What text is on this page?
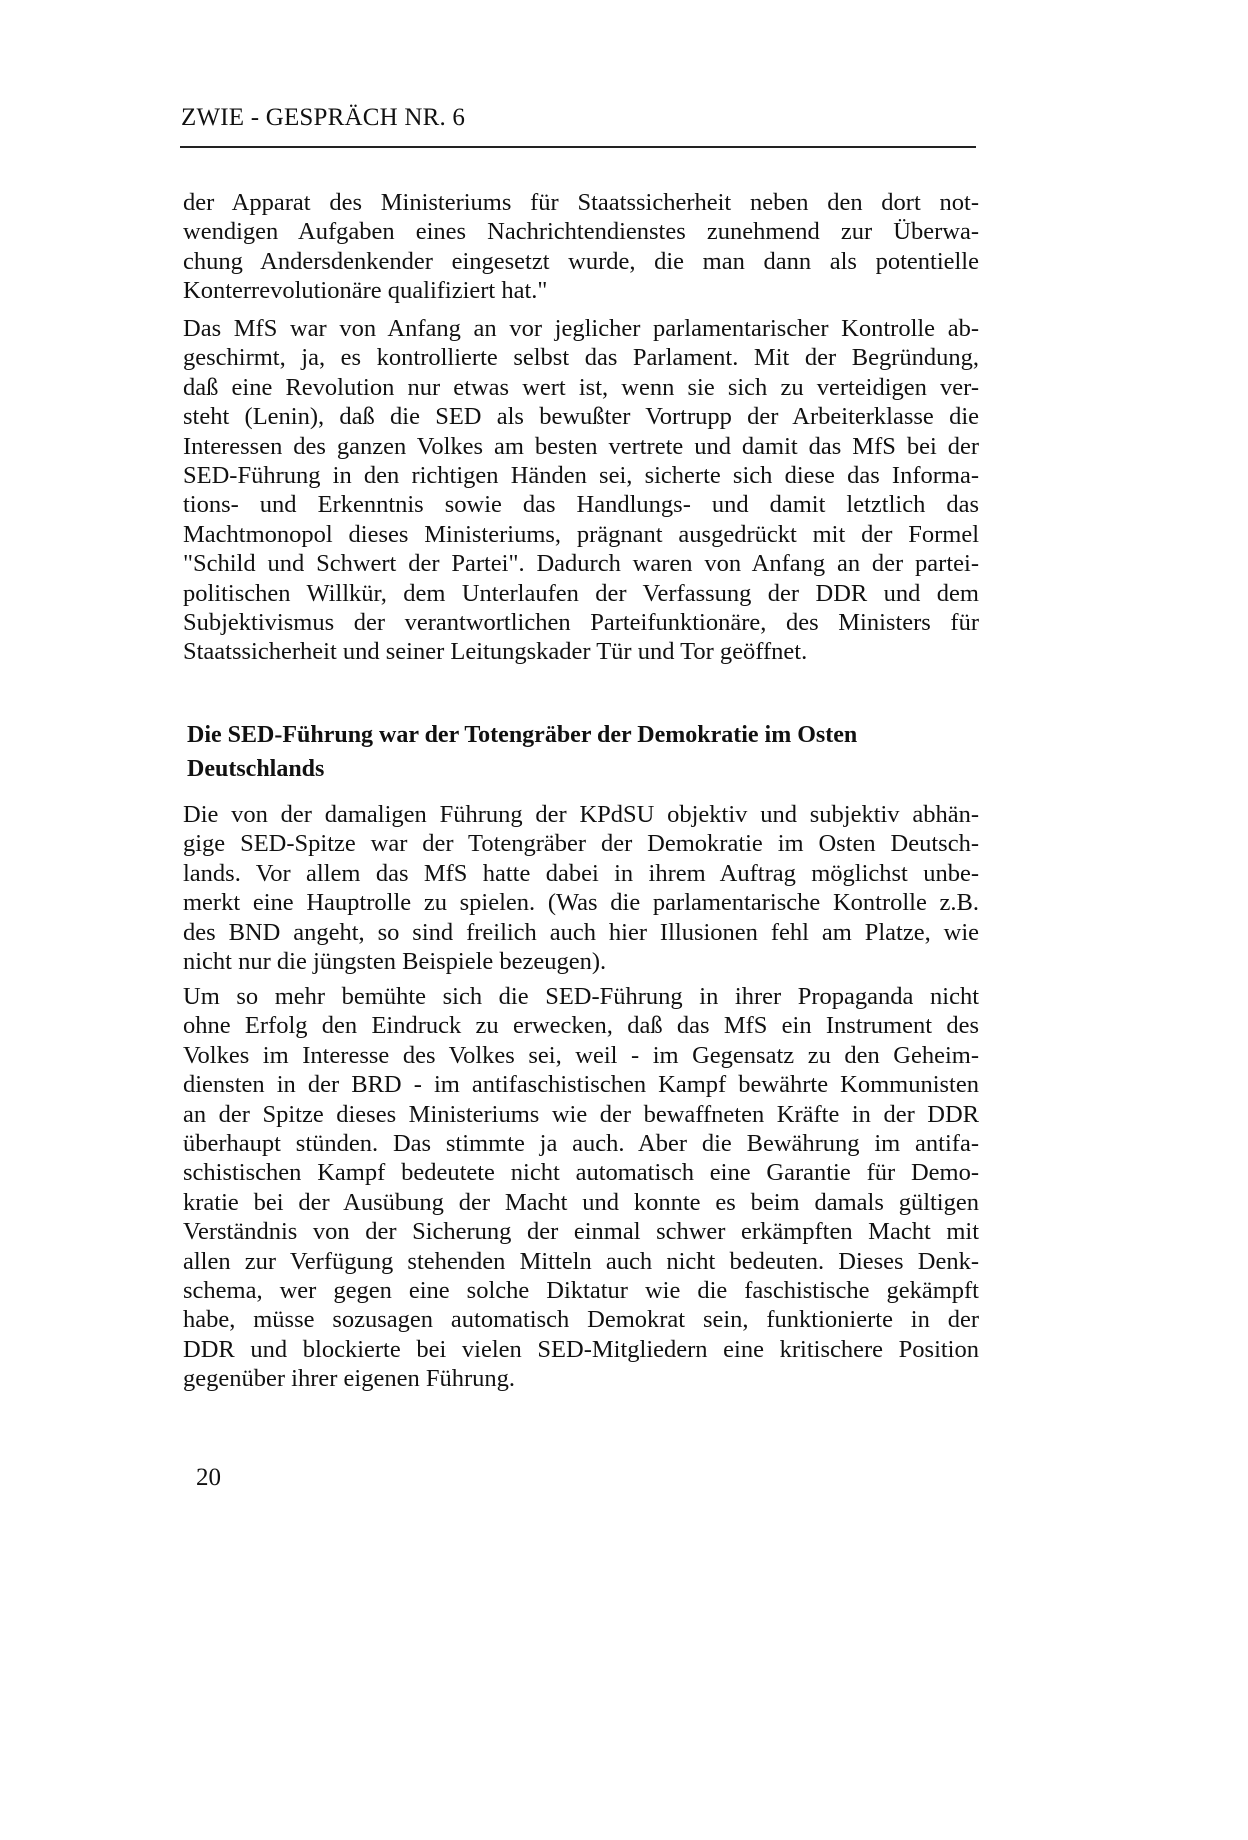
ZWIE - GESPRÄCH NR. 6
der Apparat des Ministeriums für Staatssicherheit neben den dort not-
wendigen Aufgaben eines Nachrichtendienstes zunehmend zur Überwa-
chung Andersdenkender eingesetzt wurde, die man dann als potentielle
Konterrevolutionäre qualifiziert hat."
Das MfS war von Anfang an vor jeglicher parlamentarischer Kontrolle ab-
geschirmt, ja, es kontrollierte selbst das Parlament. Mit der Begründung,
daß eine Revolution nur etwas wert ist, wenn sie sich zu verteidigen ver-
steht (Lenin), daß die SED als bewußter Vortrupp der Arbeiterklasse die
Interessen des ganzen Volkes am besten vertrete und damit das MfS bei der
SED-Führung in den richtigen Händen sei, sicherte sich diese das Informa-
tions- und Erkenntnis sowie das Handlungs- und damit letztlich das
Machtmonopol dieses Ministeriums, prägnant ausgedrückt mit der Formel
"Schild und Schwert der Partei". Dadurch waren von Anfang an der partei-
politischen Willkür, dem Unterlaufen der Verfassung der DDR und dem
Subjektivismus der verantwortlichen Parteifunktionäre, des Ministers für
Staatssicherheit und seiner Leitungskader Tür und Tor geöffnet.
Die SED-Führung war der Totengräber der Demokratie im Osten
Deutschlands
Die von der damaligen Führung der KPdSU objektiv und subjektiv abhän-
gige SED-Spitze war der Totengräber der Demokratie im Osten Deutsch-
lands. Vor allem das MfS hatte dabei in ihrem Auftrag möglichst unbe-
merkt eine Hauptrolle zu spielen. (Was die parlamentarische Kontrolle z.B.
des BND angeht, so sind freilich auch hier Illusionen fehl am Platze, wie
nicht nur die jüngsten Beispiele bezeugen).
Um so mehr bemühte sich die SED-Führung in ihrer Propaganda nicht
ohne Erfolg den Eindruck zu erwecken, daß das MfS ein Instrument des
Volkes im Interesse des Volkes sei, weil - im Gegensatz zu den Geheim-
diensten in der BRD - im antifaschistischen Kampf bewährte Kommunisten
an der Spitze dieses Ministeriums wie der bewaffneten Kräfte in der DDR
überhaupt stünden. Das stimmte ja auch. Aber die Bewährung im antifa-
schistischen Kampf bedeutete nicht automatisch eine Garantie für Demo-
kratie bei der Ausübung der Macht und konnte es beim damals gültigen
Verständnis von der Sicherung der einmal schwer erkämpften Macht mit
allen zur Verfügung stehenden Mitteln auch nicht bedeuten. Dieses Denk-
schema, wer gegen eine solche Diktatur wie die faschistische gekämpft
habe, müsse sozusagen automatisch Demokrat sein, funktionierte in der
DDR und blockierte bei vielen SED-Mitgliedern eine kritischere Position
gegenüber ihrer eigenen Führung.
20
